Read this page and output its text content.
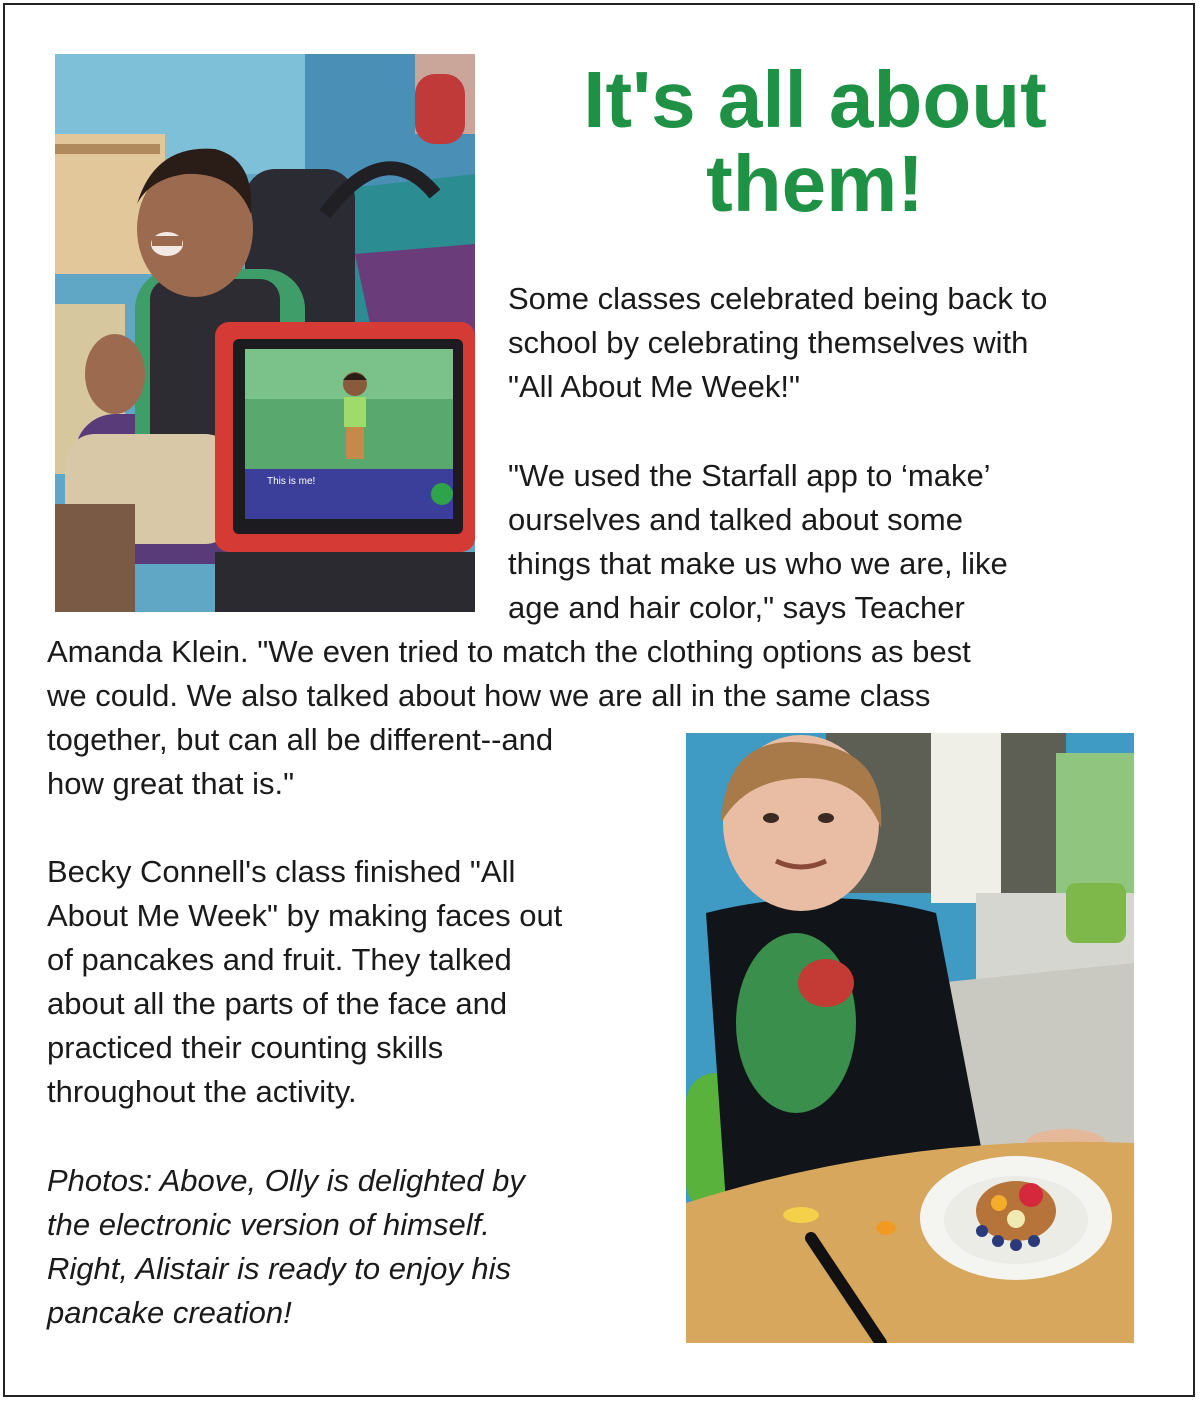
This is me!
It's all about
them!

Some classes celebrated being back to
school by celebrating themselves with
"All About Me Week!"

"We used the Starfall app to ‘make’
ourselves and talked about some
things that make us who we are, like
age and hair color," says Teacher

Amanda Klein. "We even tried to match the clothing options as best
we could. We also talked about how we are all in the same class
together, but can all be different--and
how great that is."

Becky Connell's class finished "All
About Me Week" by making faces out
of pancakes and fruit. They talked
about all the parts of the face and
practiced their counting skills
throughout the activity.

Photos: Above, Olly is delighted by
the electronic version of himself.
Right, Alistair is ready to enjoy his
pancake creation!
